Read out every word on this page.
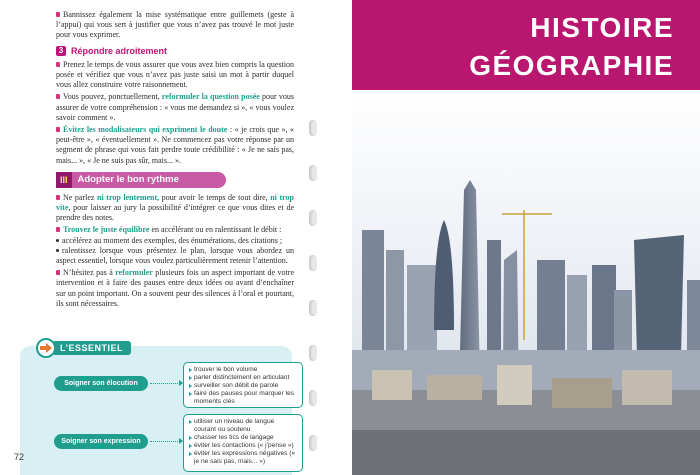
Bannissez également la mise systématique entre guillemets (geste à l’appui) qui vous sert à justifier que vous n’avez pas trouvé le mot juste pour vous exprimer.

3 Répondre adroitement

Prenez le temps de vous assurer que vous avez bien compris la question posée et vérifiez que vous n’avez pas juste saisi un mot à partir duquel vous allez construire votre raisonnement.

Vous pouvez, ponctuellement, reformuler la question posée pour vous assurer de votre compréhension : « vous me demandez si », « vous voulez savoir comment ».

Évitez les modalisateurs qui expriment le doute : « je crois que », « peut-être », « éventuellement ». Ne commencez pas votre réponse par un segment de phrase qui vous fait perdre toute crédibilité : « Je ne sais pas, mais... », « Je ne suis pas sûr, mais... ».

III	Adopter le bon rythme

Ne parlez ni trop lentement, pour avoir le temps de tout dire, ni trop vite, pour laisser au jury la possibilité d’intégrer ce que vous dites et de prendre des notes.

Trouvez le juste équilibre en accélérant ou en ralentissant le débit :
accélérez au moment des exemples, des énumérations, des citations ;
ralentissez lorsque vous présentez le plan, lorsque vous abordez un aspect essentiel, lorsque vous voulez particulièrement retenir l’attention.

N’hésitez pas à reformuler plusieurs fois un aspect important de votre intervention et à faire des pauses entre deux idées ou avant d’enchaîner sur un point important. On a souvent peur des silences à l’oral et pourtant, ils sont nécessaires.

L’ESSENTIEL
Soigner son élocution
trouver le bon volume
parler distinctement en articulant
surveiller son débit de parole
faire des pauses pour marquer les moments clés
Soigner son expression
utiliser un niveau de langue courant ou soutenu
chasser les tics de langage
éviter les contactions (« j’pense »)
éviter les expressions négatives (« je ne sais pas, mais... »)
72
HISTOIRE
GÉOGRAPHIE
